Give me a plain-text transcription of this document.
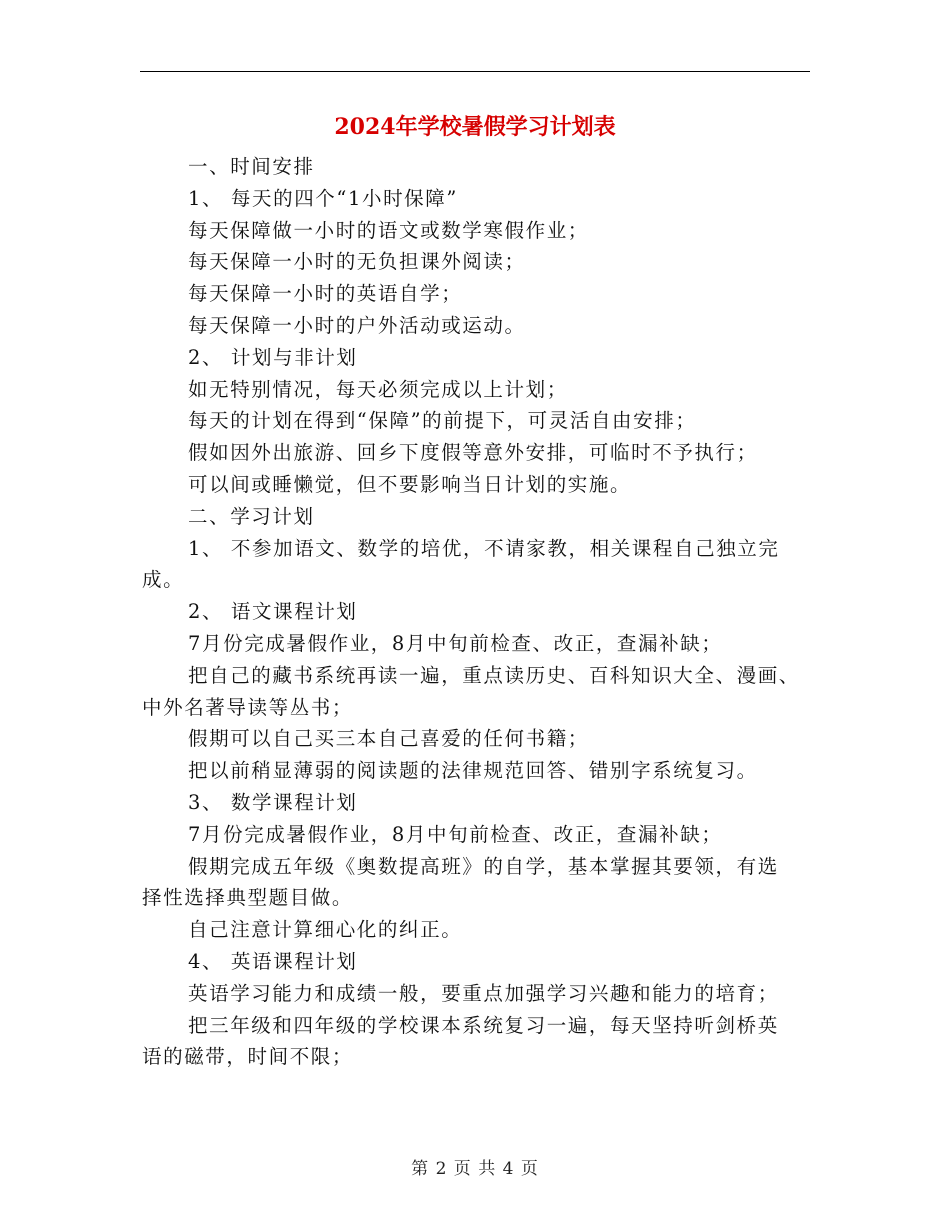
2024年学校暑假学习计划表
一、时间安排
1、 每天的四个“1小时保障”
每天保障做一小时的语文或数学寒假作业；
每天保障一小时的无负担课外阅读；
每天保障一小时的英语自学；
每天保障一小时的户外活动或运动。
2、 计划与非计划
如无特别情况，每天必须完成以上计划；
每天的计划在得到“保障”的前提下，可灵活自由安排；
假如因外出旅游、回乡下度假等意外安排，可临时不予执行；
可以间或睡懒觉，但不要影响当日计划的实施。
二、学习计划
1、 不参加语文、数学的培优，不请家教，相关课程自己独立完
成。
2、 语文课程计划
7月份完成暑假作业，8月中旬前检查、改正，查漏补缺；
把自己的藏书系统再读一遍，重点读历史、百科知识大全、漫画、
中外名著导读等丛书；
假期可以自己买三本自己喜爱的任何书籍；
把以前稍显薄弱的阅读题的法律规范回答、错别字系统复习。
3、 数学课程计划
7月份完成暑假作业，8月中旬前检查、改正，查漏补缺；
假期完成五年级《奥数提高班》的自学，基本掌握其要领，有选
择性选择典型题目做。
自己注意计算细心化的纠正。
4、 英语课程计划
英语学习能力和成绩一般，要重点加强学习兴趣和能力的培育；
把三年级和四年级的学校课本系统复习一遍，每天坚持听剑桥英
语的磁带，时间不限；
第 2 页 共 4 页
